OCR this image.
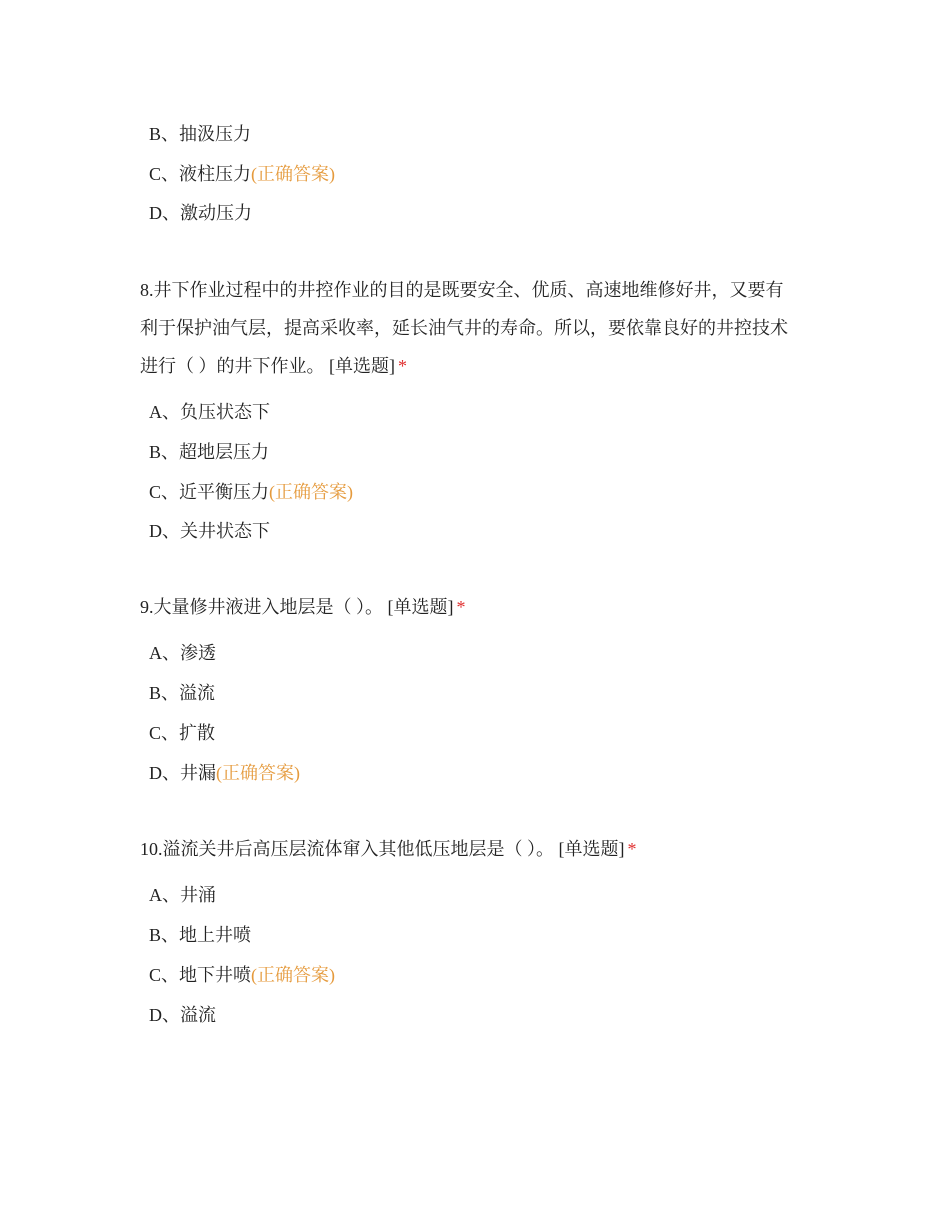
B、抽汲压力
C、液柱压力(正确答案)
D、激动压力
8.井下作业过程中的井控作业的目的是既要安全、优质、高速地维修好井，又要有
利于保护油气层，提高采收率，延长油气井的寿命。所以，要依靠良好的井控技术
进行（ ）的井下作业。 [单选题] *
A、负压状态下
B、超地层压力
C、近平衡压力(正确答案)
D、关井状态下
9.大量修井液进入地层是（ ）。 [单选题] *
A、渗透
B、溢流
C、扩散
D、井漏(正确答案)
10.溢流关井后高压层流体窜入其他低压地层是（ ）。 [单选题] *
A、井涌
B、地上井喷
C、地下井喷(正确答案)
D、溢流
